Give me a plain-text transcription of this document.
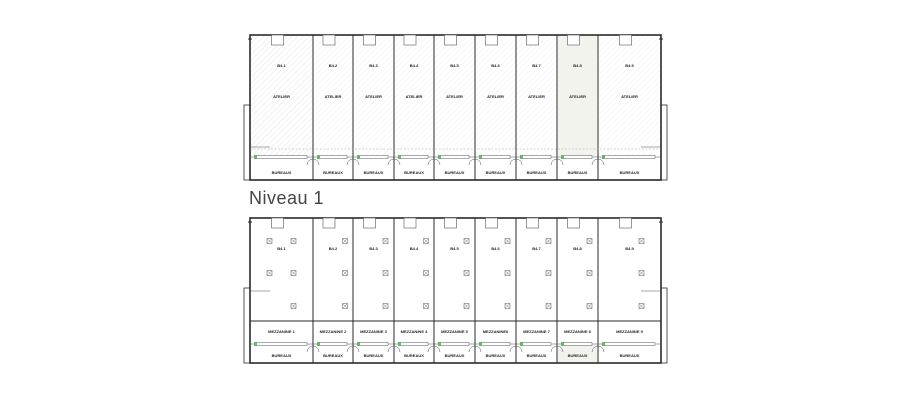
Niveau 1
B4.1
ATELIER
BUREAUX
B4.2
ATELIER
BUREAUX
B4.3
ATELIER
BUREAUX
B4.4
ATELIER
BUREAUX
B4.5
ATELIER
BUREAUX
B4.6
ATELIER
BUREAUX
B4.7
ATELIER
BUREAUX
B4.8
ATELIER
BUREAUX
B4.9
ATELIER
BUREAUX
B4.1
MEZZANINE 1
BUREAUX
B4.2
MEZZANINE 2
BUREAUX
B4.3
MEZZANINE 3
BUREAUX
B4.4
MEZZANINE 4
BUREAUX
B4.5
MEZZANINE 5
BUREAUX
B4.6
MEZZANINE6
BUREAUX
B4.7
MEZZANINE 7
BUREAUX
B4.8
MEZZANINE 8
BUREAUX
B4.9
MEZZANINE 9
BUREAUX
